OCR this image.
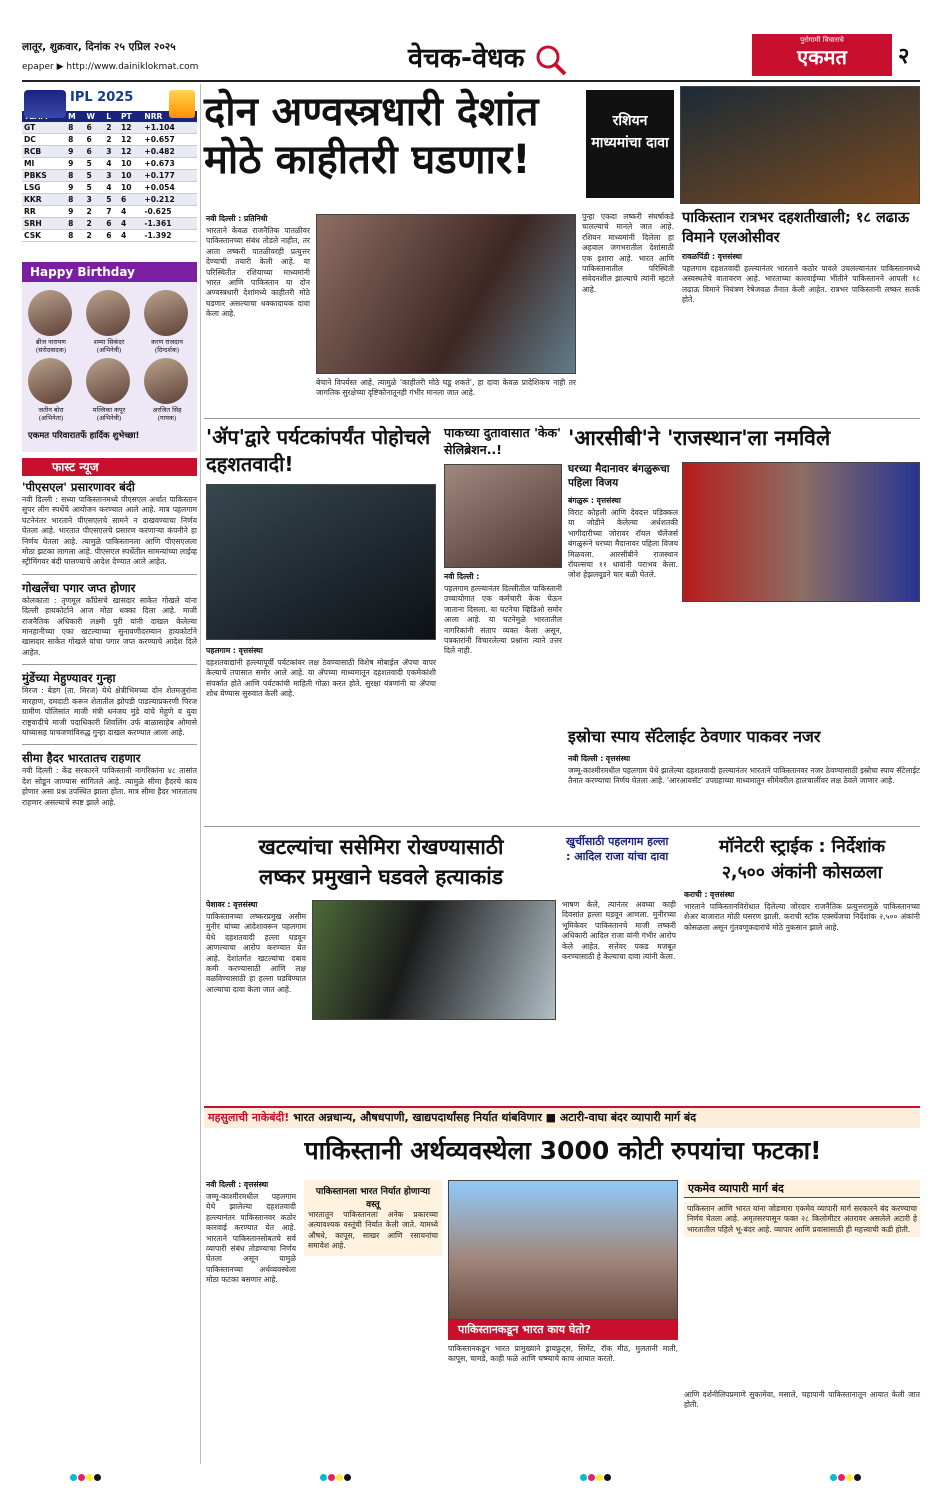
लातूर, शुक्रवार, दिनांक २५ एप्रिल २०२५
epaper ▶ http://www.dainiklokmat.com	वेचक-वेधक
पुरोगामी विचाराचे
एकमत	२
IPL 2025
	M	W	L	PT	NRR
GT	8	6	2	12	+1.104
DC	8	6	2	12	+0.657
RCB	9	6	3	12	+0.482
MI	9	5	4	10	+0.673
PBKS	8	5	3	10	+0.177
LSG	9	5	4	10	+0.054
KKR	8	3	5	6	+0.212
RR	9	2	7	4	-0.625
SRH	8	2	6	4	-1.361
CSK	8	2	6	4	-1.392
Happy Birthday
ब्रीज नारायण
(सरोदवादक)
शम्मा सिकंदर
(अभिनेत्री)
करण राजदान
(दिग्दर्शक)
जतीन बोरा
(अभिनेता)
मल्लिका कपूर
(अभिनेत्री)
अरजित सिंह
(गायक)
एकमत परिवारातर्फे हार्दिक शुभेच्छा!
फास्ट न्यूज
'पीएसएल' प्रसारणावर बंदी
नवी दिल्ली : सध्या पाकिस्तानमध्ये पीएसएल अर्थात पाकिस्तान सुपर लीग स्पर्धेचे आयोजन करण्यात आले आहे. मात्र पहलगाम घटनेनंतर भारताने पीएसएलचे सामने न दाखवण्याचा निर्णय घेतला आहे. भारतात पीएसएलचे प्रसारण करणाऱ्या कंपनीने हा निर्णय घेतला आहे. त्यामुळे पाकिस्तानला आणि पीएसएलला मोठा झटका लागला आहे. पीएसएल स्पर्धेतील सामन्यांच्या लाईव्ह स्ट्रीमिंगवर बंदी घालण्याचे आदेश देण्यात आले आहेत.
गोखलेंचा पगार जप्त होणार
कोलकाता : तृणमूल काँग्रेसचे खासदार साकेत गोखले यांना दिल्ली हायकोर्टाने आज मोठा धक्का दिला आहे. माजी राजनैतिक अधिकारी लक्ष्मी पुरी यांनी दाखल केलेल्या मानहानीच्या एका खटल्याच्या सुनावणीदरम्यान हायकोर्टाने खासदार साकेत गोखले यांचा पगार जप्त करण्याचे आदेश दिले आहेत.
मुंडेंच्या मेहुण्यावर गुन्हा
मिरज : बेडग (ता. मिरज) येथे क्षेत्रीभिमच्या दोन शेतमजुरांना मारहाण, दमदाटी करून शेतातील झोपडी पाडल्याप्रकरणी पिरज ग्रामीण पोलिसांत माजी मंत्री धनंजय मुंडे यांचे मेहुणे व युवा राष्ट्रवादीचे माजी पदाधिकारी शिवलिंग उर्फ बाळासाहेब ओमासे यांच्यासह पाचजणांविरुद्ध गुन्हा दाखल करण्यात आला आहे.
सीमा हैदर भारतातच राहणार
नवी दिल्ली : केंद्र सरकारने पाकिस्तानी नागरिकांना ४८ तासांत देश सोडून जाण्यास सांगितले आहे. त्यामुळे सीमा हैदरचे काय होणार असा प्रश्न उपस्थित झाला होता. मात्र सीमा हैदर भारतातच राहणार असल्याचे स्पष्ट झाले आहे.
दोन अण्वस्त्रधारी देशांत
मोठे काहीतरी घडणार!
रशियन माध्यमांचा दावा
पाकिस्तान रात्रभर दहशतीखाली; १८ लढाऊ विमाने एलओसीवर
रावळपिंडी : वृत्तसंस्था
पहलगाम दहशतवादी हल्ल्यानंतर भारताने कठोर पावले उचलल्यानंतर पाकिस्तानमध्ये अस्वस्थतेचे वातावरण आहे. भारताच्या कारवाईच्या भीतीने पाकिस्तानने आपली १८ लढाऊ विमाने नियंत्रण रेषेजवळ तैनात केली आहेत. रात्रभर पाकिस्तानी लष्कर सतर्क होते.
नवी दिल्ली : प्रतिनिधी
भारताने केवळ राजनैतिक पातळीवर पाकिस्तानच्या संबंध तोडले नाहीत, तर आता लष्करी पातळीवरही प्रत्युत्तर देण्याची तयारी केली आहे. या परिस्थितीत रशियाच्या माध्यमांनी भारत आणि पाकिस्तान या दोन अण्वस्त्रधारी देशांमध्ये काहीतरी मोठे घडणार असल्याचा धक्कादायक दावा केला आहे.
बेचाने विपर्यस्त आहे. त्यामुळे 'काहीतरी मोठे घडू शकते', हा दावा केवळ प्रादेशिकच नाही तर जागतिक सुरक्षेच्या दृष्टिकोनातूनही गंभीर मानला जात आहे.
पुन्हा एकदा लष्करी संघर्षाकडे चालल्याचे मानले जात आहे. रशियन माध्यमांनी दिलेला हा अहवाल जगभरातील देशांसाठी एक इशारा आहे. भारत आणि पाकिस्तानातील परिस्थिती संवेदनशील झाल्याचे त्यांनी म्हटले आहे.
'ॲप'द्वारे पर्यटकांपर्यंत पोहोचले दहशतवादी!
पहलगाम : वृत्तसंस्था
दहशतवाद्यांनी हल्ल्यापूर्वी पर्यटकांवर लक्ष ठेवण्यासाठी विशेष मोबाईल ॲपचा वापर केल्याचे तपासात समोर आले आहे. या ॲपच्या माध्यमातून दहशतवादी एकमेकांशी संपर्कात होते आणि पर्यटकांची माहिती गोळा करत होते. सुरक्षा यंत्रणांनी या ॲपचा शोध घेण्यास सुरुवात केली आहे.
पाकच्या दुतावासात 'केक' सेलिब्रेशन..!
नवी दिल्ली :
पहलगाम हल्ल्यानंतर दिल्लीतील पाकिस्तानी उच्चायोगात एक कर्मचारी केक घेऊन जाताना दिसला. या घटनेचा व्हिडिओ समोर आला आहे. या घटनेमुळे भारतातील नागरिकांनी संताप व्यक्त केला असून, पत्रकारांनी विचारलेल्या प्रश्नांना त्याने उत्तर दिले नाही.
'आरसीबी'ने 'राजस्थान'ला नमविले
घरच्या मैदानावर बंगळुरूचा पहिला विजय
बंगळुरू : वृत्तसंस्था
विराट कोहली आणि देवदत्त पडिक्कल या जोडीने केलेल्या अर्धशतकी भागीदारीच्या जोरावर रॉयल चॅलेंजर्स बंगळुरूने घरच्या मैदानावर पहिला विजय मिळवला. आरसीबीने राजस्थान रॉयल्सचा ११ धावांनी पराभव केला. जोश हेझलवूडने चार बळी घेतले.
इस्रोचा स्पाय सॅटेलाईट ठेवणार पाकवर नजर
नवी दिल्ली : वृत्तसंस्था
जम्मू-काश्मीरमधील पहलगाम येथे झालेल्या दहशतवादी हल्ल्यानंतर भारताने पाकिस्तानवर नजर ठेवण्यासाठी इस्रोचा स्पाय सॅटेलाईट तैनात करण्याचा निर्णय घेतला आहे. 'आरआयसॅट' उपग्रहाच्या माध्यमातून सीमेवरील हालचालींवर लक्ष ठेवले जाणार आहे.
खटल्यांचा ससेमिरा रोखण्यासाठी
लष्कर प्रमुखाने घडवले हत्याकांड
पेशावर : वृत्तसंस्था
पाकिस्तानच्या लष्करप्रमुख असीम मुनीर यांच्या आदेशावरून पहलगाम येथे दहशतवादी हल्ला घडवून आणल्याचा आरोप करण्यात येत आहे. देशांतर्गत खटल्यांचा दबाव कमी करण्यासाठी आणि लक्ष वळविण्यासाठी हा हल्ला घडविण्यात आल्याचा दावा केला जात आहे.
खुर्चीसाठी पहलगाम हल्ला : आदिल राजा यांचा दावा
भाषण केले, त्यानंतर अवघ्या काही दिवसांत हल्ला घडवून आणला. मुनीरच्या भूमिकेवर पाकिस्तानचे माजी लष्करी अधिकारी आदिल राजा यांनी गंभीर आरोप केले आहेत. सत्तेवर पकड मजबूत करण्यासाठी हे केल्याचा दावा त्यांनी केला.
मॉनेटरी स्ट्राईक : निर्देशांक
२,५०० अंकांनी कोसळला
कराची : वृत्तसंस्था
भारताने पाकिस्तानविरोधात दिलेल्या जोरदार राजनैतिक प्रत्युत्तरामुळे पाकिस्तानच्या शेअर बाजारात मोठी घसरण झाली. कराची स्टॉक एक्स्चेंजचा निर्देशांक २,५०० अंकांनी कोसळला असून गुंतवणूकदारांचे मोठे नुकसान झाले आहे.
महसुलाची नाकेबंदी! भारत अन्नधान्य, औषधपाणी, खाद्यपदार्थांसह निर्यात थांबविणार ■ अटारी-वाघा बंदर व्यापारी मार्ग बंद
पाकिस्तानी अर्थव्यवस्थेला 3000 कोटी रुपयांचा फटका!
नवी दिल्ली : वृत्तसंस्था
जम्मू-काश्मीरमधील पहलगाम येथे झालेल्या दहशतवादी हल्ल्यानंतर पाकिस्तानवर कठोर कारवाई करण्यात येत आहे. भारताने पाकिस्तानसोबतचे सर्व व्यापारी संबंध तोडण्याचा निर्णय घेतला असून यामुळे पाकिस्तानच्या अर्थव्यवस्थेला मोठा फटका बसणार आहे.
पाकिस्तानला भारत निर्यात होणाऱ्या वस्तू
भारतातून पाकिस्तानला अनेक प्रकारच्या अत्यावश्यक वस्तूंची निर्यात केली जाते. यामध्ये औषधे, कापूस, साखर आणि रसायनांचा समावेश आहे.
पाकिस्तानकडून भारत काय घेतो?
पाकिस्तानकडून भारत प्रामुख्याने ड्रायफ्रुट्स, सिमेंट, रॉक मीठ, मुलतानी माती, कापूस, चामडे, काही फळे आणि चष्म्याचे काच आयात करतो.
एकमेव व्यापारी मार्ग बंद
पाकिस्तान आणि भारत यांना जोडणारा एकमेव व्यापारी मार्ग सरकारने बंद करण्याचा निर्णय घेतला आहे. अमृतसरपासून फक्त २८ किलोमीटर अंतरावर असलेले अटारी हे भारतातील पहिले भू-बंदर आहे. व्यापार आणि प्रवासासाठी ही महत्त्वाची कडी होती.
आणि दर्शनीलिपप्रमाणे सुकामेवा, मसाले, चहापानी पाकिस्तानातून आयात केली जात होती.
